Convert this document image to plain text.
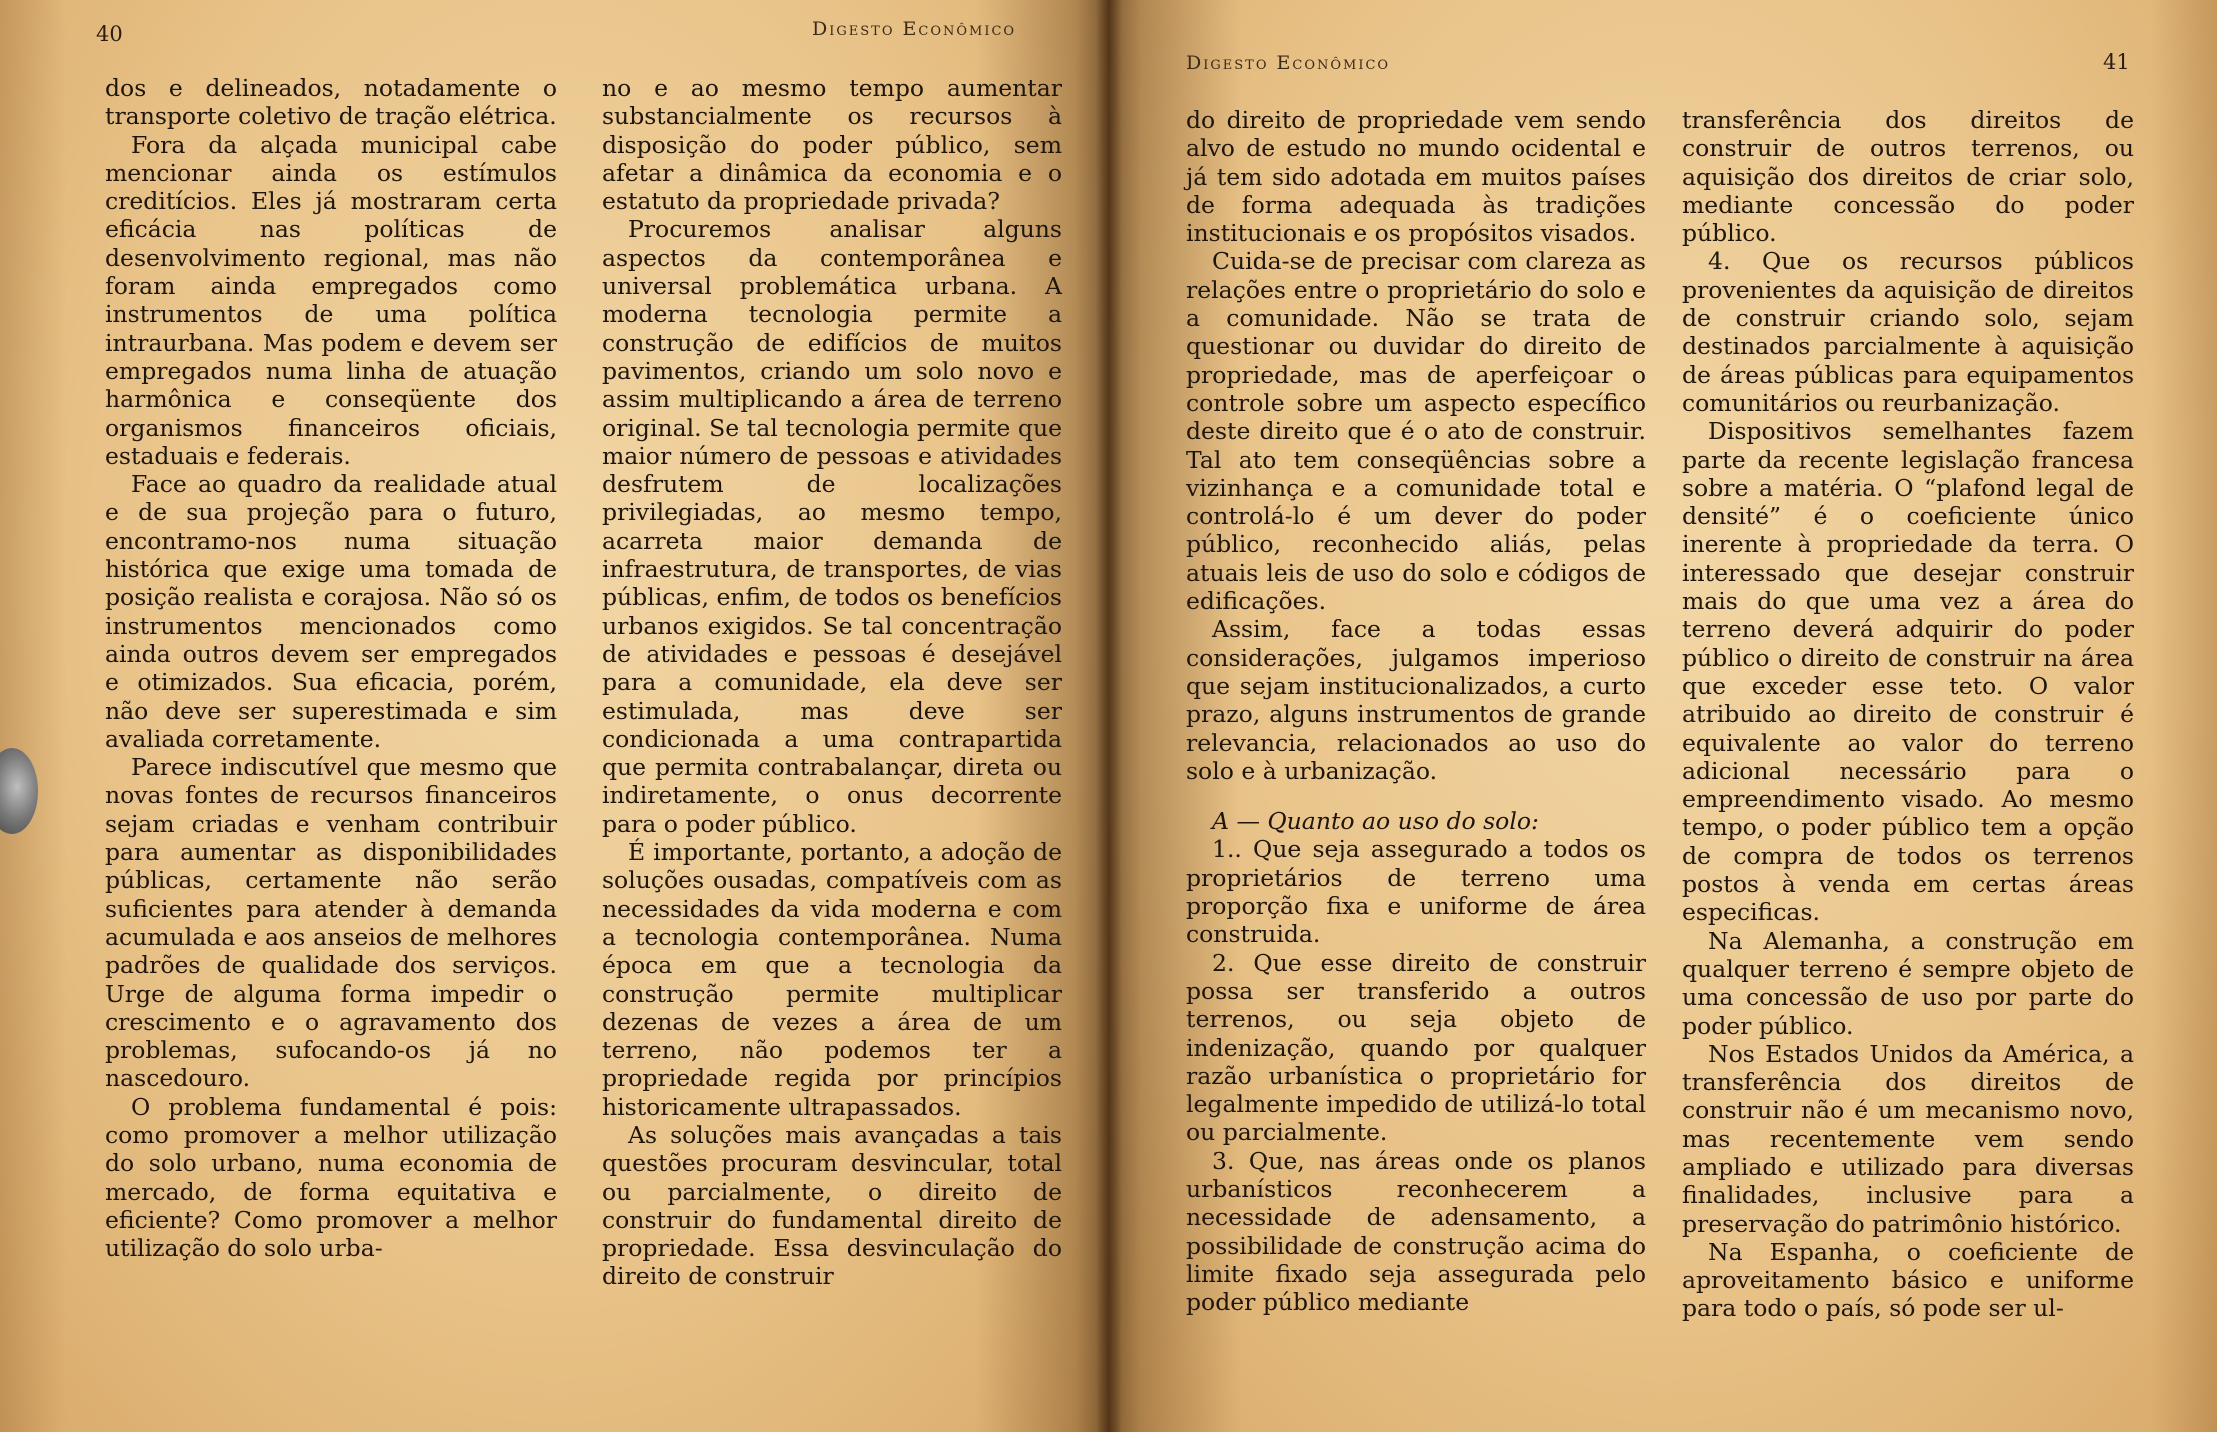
40	Digesto Econômico

dos e delineados, notadamente o transporte coletivo de tração elétrica.

Fora da alçada municipal cabe mencionar ainda os estímulos creditícios. Eles já mostraram certa eficácia nas políticas de desenvolvimento regional, mas não foram ainda empregados como instrumentos de uma política intraurbana. Mas podem e devem ser empregados numa linha de atuação harmônica e conseqüente dos organismos financeiros oficiais, estaduais e federais.

Face ao quadro da realidade atual e de sua projeção para o futuro, encontramo-nos numa situação histórica que exige uma tomada de posição realista e corajosa. Não só os instrumentos mencionados como ainda outros devem ser empregados e otimizados. Sua eficacia, porém, não deve ser superestimada e sim avaliada corretamente.

Parece indiscutível que mesmo que novas fontes de recursos financeiros sejam criadas e venham contribuir para aumentar as disponibilidades públicas, certamente não serão suficientes para atender à demanda acumulada e aos anseios de melhores padrões de qualidade dos serviços. Urge de alguma forma impedir o crescimento e o agravamento dos problemas, sufocando-os já no nascedouro.

O problema fundamental é pois: como promover a melhor utilização do solo urbano, numa economia de mercado, de forma equitativa e eficiente? Como promover a melhor utilização do solo urba-

no e ao mesmo tempo aumentar substancialmente os recursos à disposição do poder público, sem afetar a dinâmica da economia e o estatuto da propriedade privada?

Procuremos analisar alguns aspectos da contemporânea e universal problemática urbana. A moderna tecnologia permite a construção de edifícios de muitos pavimentos, criando um solo novo e assim multiplicando a área de terreno original. Se tal tecnologia permite que maior número de pessoas e atividades desfrutem de localizações privilegiadas, ao mesmo tempo, acarreta maior demanda de infraestrutura, de transportes, de vias públicas, enfim, de todos os benefícios urbanos exigidos. Se tal concentração de atividades e pessoas é desejável para a comunidade, ela deve ser estimulada, mas deve ser condicionada a uma contrapartida que permita contrabalançar, direta ou indiretamente, o onus decorrente para o poder público.

É importante, portanto, a adoção de soluções ousadas, compatíveis com as necessidades da vida moderna e com a tecnologia contemporânea. Numa época em que a tecnologia da construção permite multiplicar dezenas de vezes a área de um terreno, não podemos ter a propriedade regida por princípios historicamente ultrapassados.

As soluções mais avançadas a tais questões procuram desvincular, total ou parcialmente, o direito de construir do fundamental direito de propriedade. Essa desvinculação do direito de construir

Digesto Econômico	41

do direito de propriedade vem sendo alvo de estudo no mundo ocidental e já tem sido adotada em muitos países de forma adequada às tradições institucionais e os propósitos visados.

Cuida-se de precisar com clareza as relações entre o proprietário do solo e a comunidade. Não se trata de questionar ou duvidar do direito de propriedade, mas de aperfeiçoar o controle sobre um aspecto específico deste direito que é o ato de construir. Tal ato tem conseqüências sobre a vizinhança e a comunidade total e controlá-lo é um dever do poder público, reconhecido aliás, pelas atuais leis de uso do solo e códigos de edificações.

Assim, face a todas essas considerações, julgamos imperioso que sejam institucionalizados, a curto prazo, alguns instrumentos de grande relevancia, relacionados ao uso do solo e à urbanização.

A — Quanto ao uso do solo:

1.. Que seja assegurado a todos os proprietários de terreno uma proporção fixa e uniforme de área construida.

2. Que esse direito de construir possa ser transferido a outros terrenos, ou seja objeto de indenização, quando por qualquer razão urbanística o proprietário for legalmente impedido de utilizá-lo total ou parcialmente.

3. Que, nas áreas onde os planos urbanísticos reconhecerem a necessidade de adensamento, a possibilidade de construção acima do limite fixado seja assegurada pelo poder público mediante

transferência dos direitos de construir de outros terrenos, ou aquisição dos direitos de criar solo, mediante concessão do poder público.

4. Que os recursos públicos provenientes da aquisição de direitos de construir criando solo, sejam destinados parcialmente à aquisição de áreas públicas para equipamentos comunitários ou reurbanização.

Dispositivos semelhantes fazem parte da recente legislação francesa sobre a matéria. O “plafond legal de densité” é o coeficiente único inerente à propriedade da terra. O interessado que desejar construir mais do que uma vez a área do terreno deverá adquirir do poder público o direito de construir na área que exceder esse teto. O valor atribuido ao direito de construir é equivalente ao valor do terreno adicional necessário para o empreendimento visado. Ao mesmo tempo, o poder público tem a opção de compra de todos os terrenos postos à venda em certas áreas especificas.

Na Alemanha, a construção em qualquer terreno é sempre objeto de uma concessão de uso por parte do poder público.

Nos Estados Unidos da América, a transferência dos direitos de construir não é um mecanismo novo, mas recentemente vem sendo ampliado e utilizado para diversas finalidades, inclusive para a preservação do patrimônio histórico.

Na Espanha, o coeficiente de aproveitamento básico e uniforme para todo o país, só pode ser ul-
